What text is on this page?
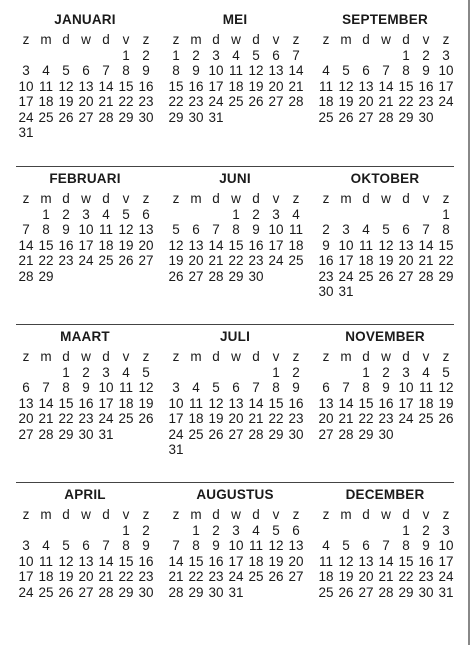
JANUARI
z m d w d v z
1 2
3 4 5 6 7 8 9
10 11 12 13 14 15 16
17 18 19 20 21 22 23
24 25 26 27 28 29 30
31
MEI
z m d w d v z
1 2 3 4 5 6 7
8 9 10 11 12 13 14
15 16 17 18 19 20 21
22 23 24 25 26 27 28
29 30 31
SEPTEMBER
z m d w d v z
1 2 3
4 5 6 7 8 9 10
11 12 13 14 15 16 17
18 19 20 21 22 23 24
25 26 27 28 29 30
FEBRUARI
z m d w d v z
1 2 3 4 5 6
7 8 9 10 11 12 13
14 15 16 17 18 19 20
21 22 23 24 25 26 27
28 29
JUNI
z m d w d v z
1 2 3 4
5 6 7 8 9 10 11
12 13 14 15 16 17 18
19 20 21 22 23 24 25
26 27 28 29 30
OKTOBER
z m d w d v z
1
2 3 4 5 6 7 8
9 10 11 12 13 14 15
16 17 18 19 20 21 22
23 24 25 26 27 28 29
30 31
MAART
z m d w d v z
1 2 3 4 5
6 7 8 9 10 11 12
13 14 15 16 17 18 19
20 21 22 23 24 25 26
27 28 29 30 31
JULI
z m d w d v z
1 2
3 4 5 6 7 8 9
10 11 12 13 14 15 16
17 18 19 20 21 22 23
24 25 26 27 28 29 30
31
NOVEMBER
z m d w d v z
1 2 3 4 5
6 7 8 9 10 11 12
13 14 15 16 17 18 19
20 21 22 23 24 25 26
27 28 29 30
APRIL
z m d w d v z
1 2
3 4 5 6 7 8 9
10 11 12 13 14 15 16
17 18 19 20 21 22 23
24 25 26 27 28 29 30
AUGUSTUS
z m d w d v z
1 2 3 4 5 6
7 8 9 10 11 12 13
14 15 16 17 18 19 20
21 22 23 24 25 26 27
28 29 30 31
DECEMBER
z m d w d v z
1 2 3
4 5 6 7 8 9 10
11 12 13 14 15 16 17
18 19 20 21 22 23 24
25 26 27 28 29 30 31
